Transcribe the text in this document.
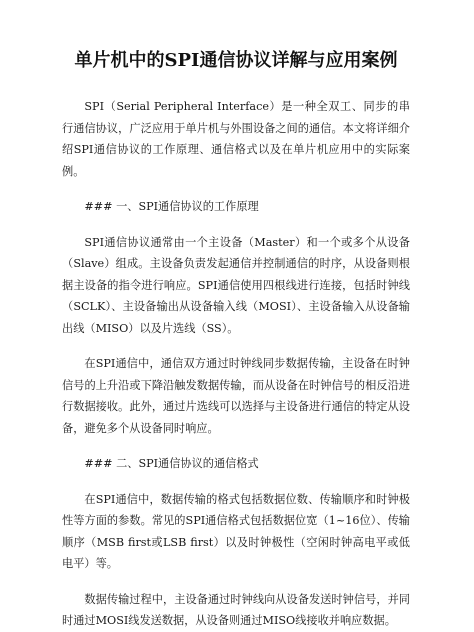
单片机中的SPI通信协议详解与应用案例

SPI（Serial Peripheral Interface）是一种全双工、同步的串行通信协议，广泛应用于单片机与外围设备之间的通信。本文将详细介绍SPI通信协议的工作原理、通信格式以及在单片机应用中的实际案例。

### 一、SPI通信协议的工作原理

SPI通信协议通常由一个主设备（Master）和一个或多个从设备（Slave）组成。主设备负责发起通信并控制通信的时序，从设备则根据主设备的指令进行响应。SPI通信使用四根线进行连接，包括时钟线（SCLK）、主设备输出从设备输入线（MOSI）、主设备输入从设备输出线（MISO）以及片选线（SS）。

在SPI通信中，通信双方通过时钟线同步数据传输，主设备在时钟信号的上升沿或下降沿触发数据传输，而从设备在时钟信号的相反沿进行数据接收。此外，通过片选线可以选择与主设备进行通信的特定从设备，避免多个从设备同时响应。

### 二、SPI通信协议的通信格式

在SPI通信中，数据传输的格式包括数据位数、传输顺序和时钟极性等方面的参数。常见的SPI通信格式包括数据位宽（1~16位）、传输顺序（MSB first或LSB first）以及时钟极性（空闲时钟高电平或低电平）等。

数据传输过程中，主设备通过时钟线向从设备发送时钟信号，并同时通过MOSI线发送数据，从设备则通过MISO线接收并响应数据。
